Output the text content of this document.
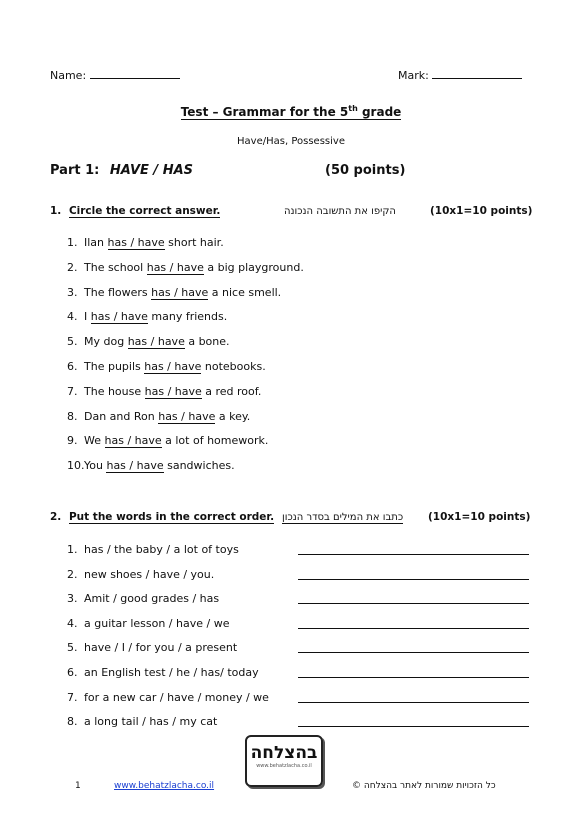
Name:	Mark:
Test – Grammar for the 5th grade
Have/Has, Possessive
Part 1: HAVE / HAS	(50 points)
1. Circle the correct answer.	הקיפו את התשובה הנכונה	(10x1=10 points)
1. Ilan has / have short hair.
2. The school has / have a big playground.
3. The flowers has / have a nice smell.
4. I has / have many friends.
5. My dog has / have a bone.
6. The pupils has / have notebooks.
7. The house has / have a red roof.
8. Dan and Ron has / have a key.
9. We has / have a lot of homework.
10.You has / have sandwiches.
2. Put the words in the correct order. כתבו את המילים בסדר הנכון (10x1=10 points)
1. has / the baby / a lot of toys
2. new shoes / have / you.
3. Amit / good grades / has
4. a guitar lesson / have / we
5. have / I / for you / a present
6. an English test / he / has/ today
7. for a new car / have / money / we
8. a long tail / has / my cat
בהצלחה
www.behatzlacha.co.il
1	www.behatzlacha.co.il	כל הזכויות שמורות לאתר בהצלחה ©
